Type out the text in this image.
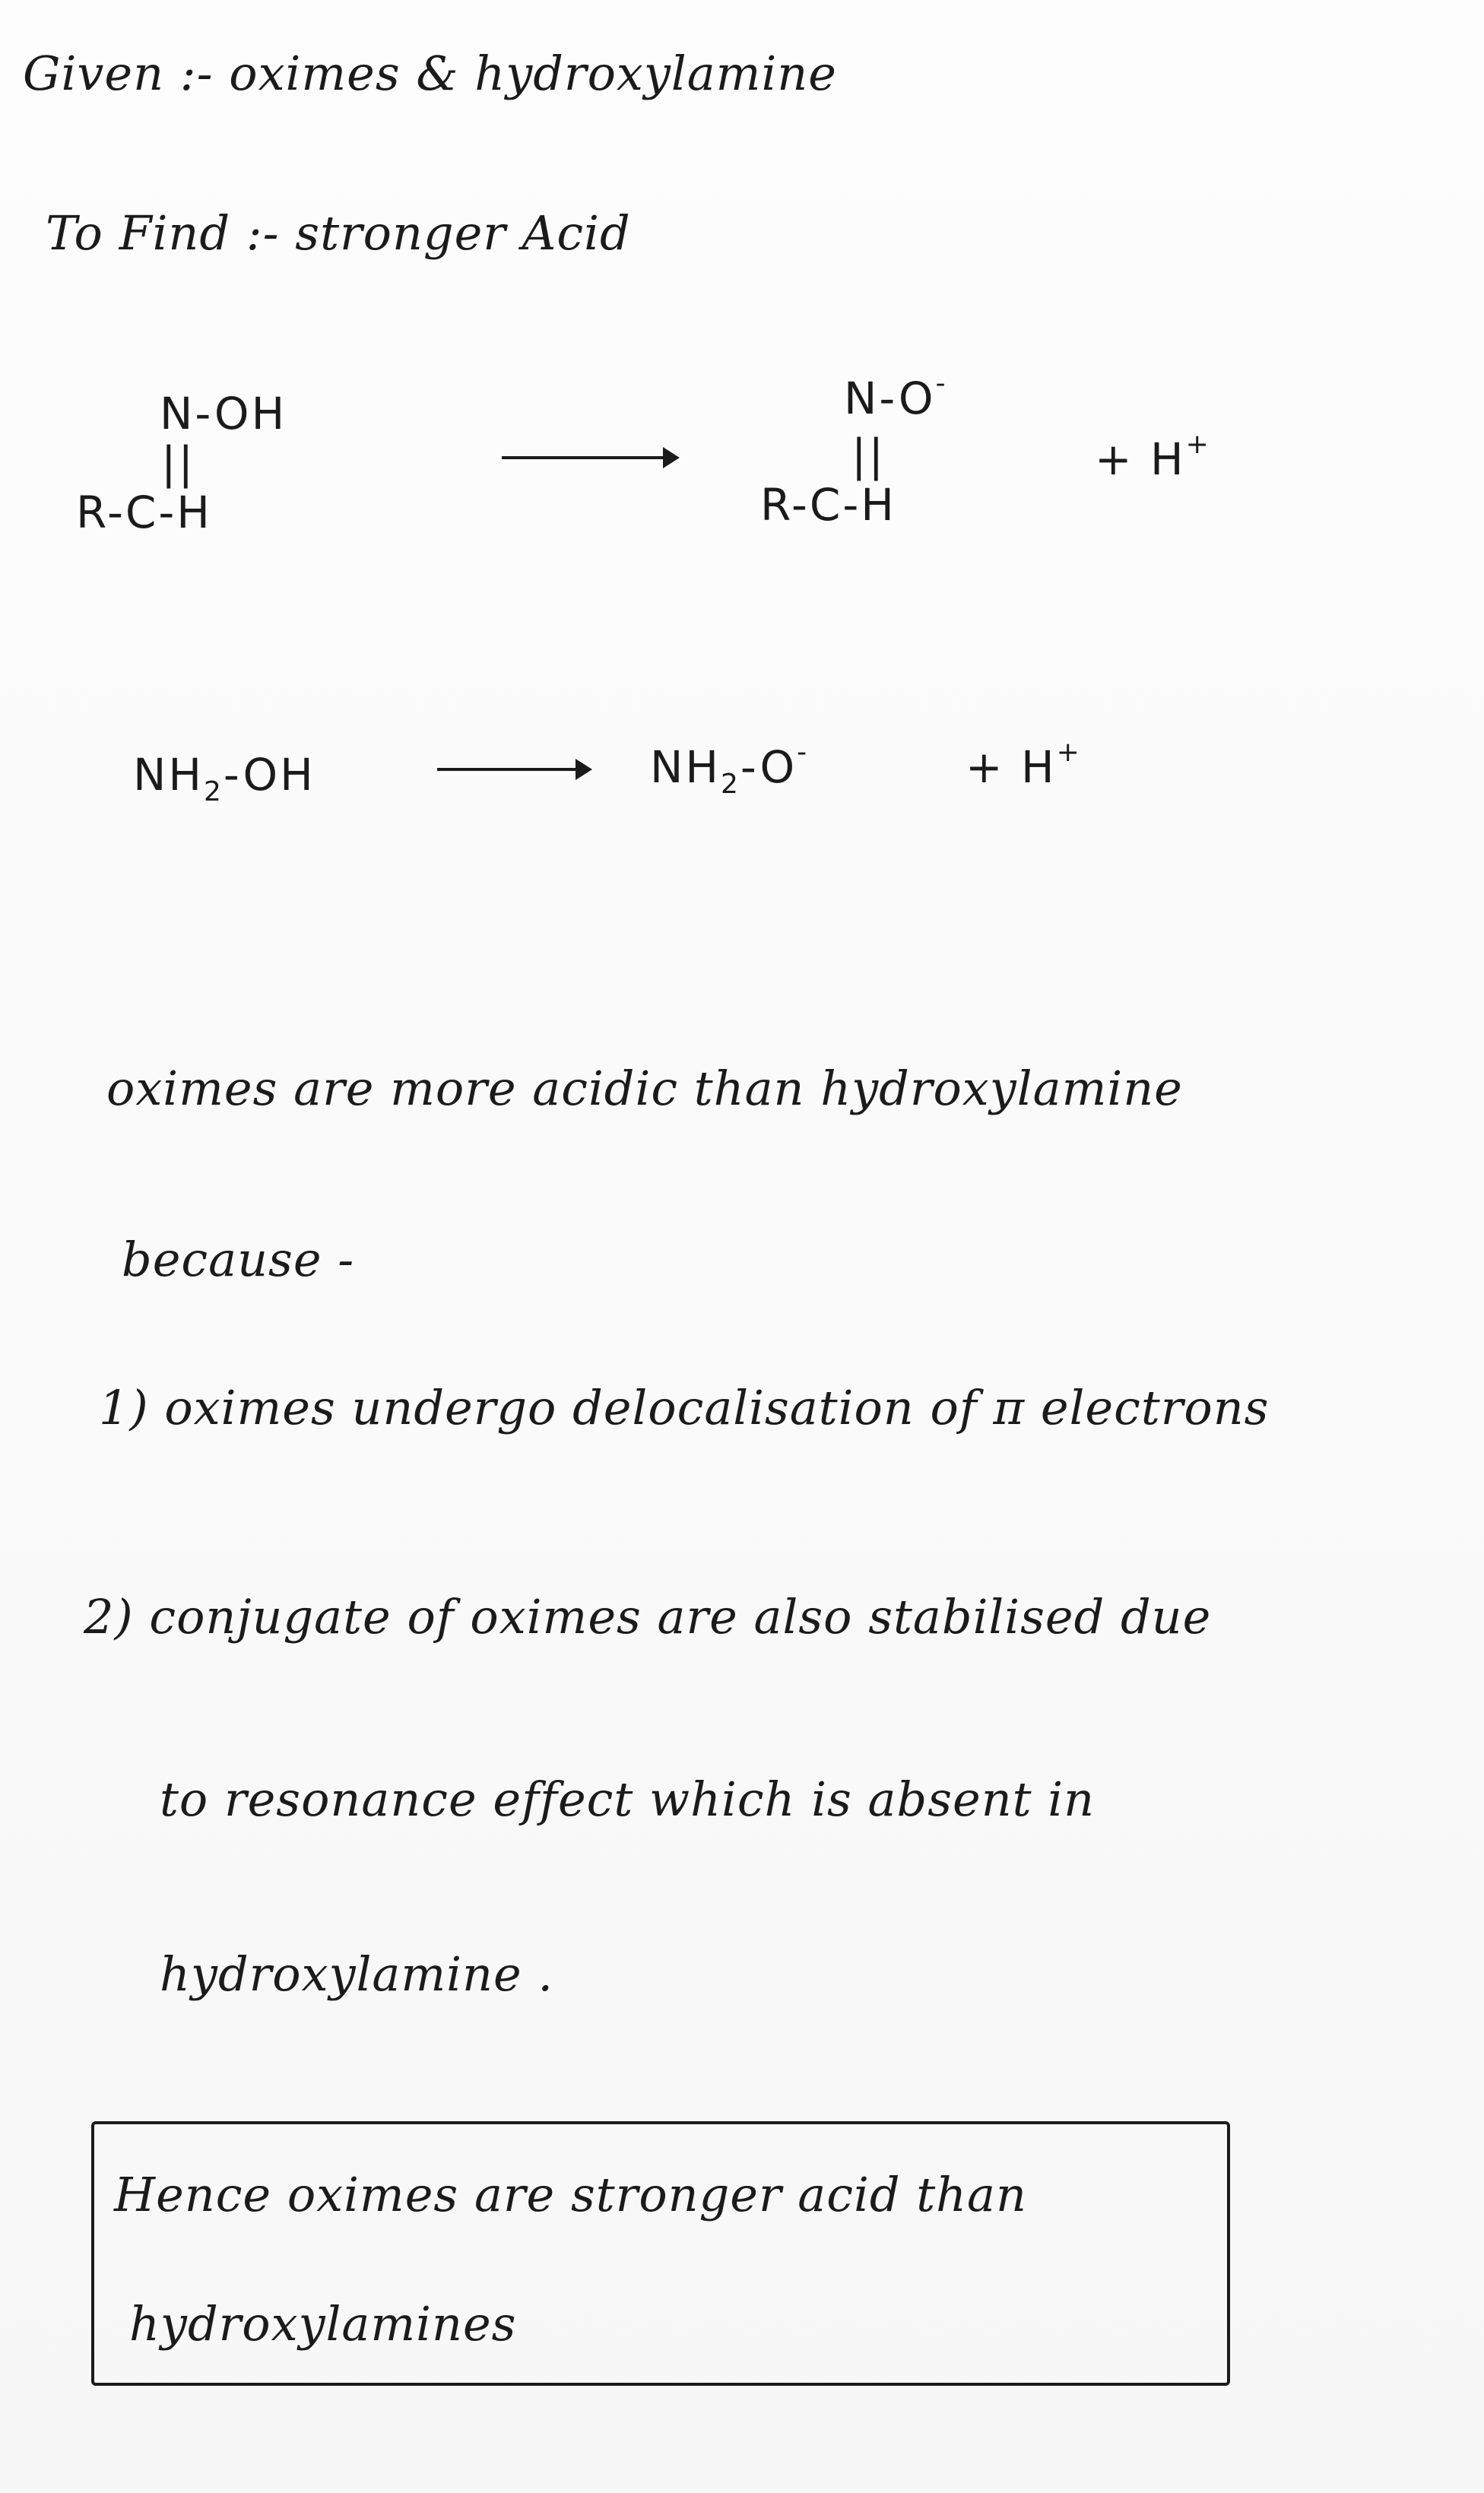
Given :- oximes & hydroxylamine
To Find :- stronger Acid
N-OH
||
R-C-H
N-O-
||
R-C-H
+ H+
$NH_2-OH$	$NH_2-O^-$	+ H+
oximes are more acidic than hydroxylamine
because -
1) oximes undergo delocalisation of π electrons
2) conjugate of oximes are also stabilised due
to resonance effect which is absent in
hydroxylamine .
Hence oximes are stronger acid than
hydroxylamines
